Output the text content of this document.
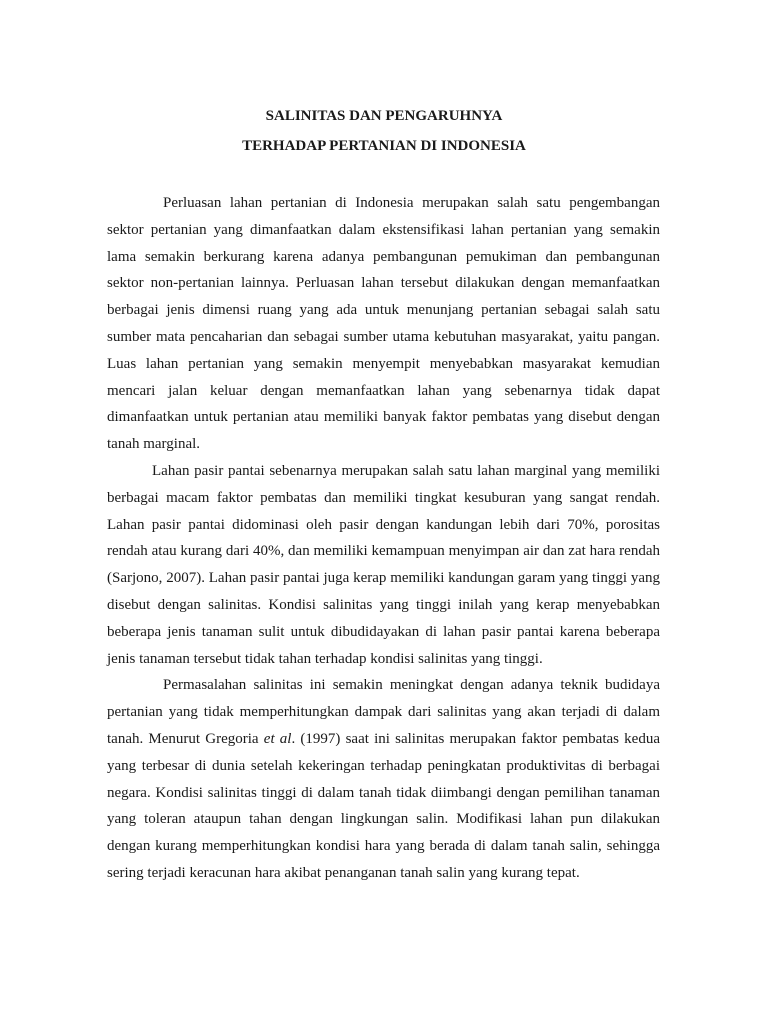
SALINITAS DAN PENGARUHNYA
TERHADAP PERTANIAN DI INDONESIA
Perluasan lahan pertanian di Indonesia merupakan salah satu pengembangan
sektor pertanian yang dimanfaatkan dalam ekstensifikasi lahan pertanian yang semakin
lama semakin berkurang karena adanya pembangunan pemukiman dan pembangunan
sektor non-pertanian lainnya. Perluasan lahan tersebut dilakukan dengan memanfaatkan
berbagai jenis dimensi ruang yang ada untuk menunjang pertanian sebagai salah satu
sumber mata pencaharian dan sebagai sumber utama kebutuhan masyarakat, yaitu pangan.
Luas lahan pertanian yang semakin menyempit menyebabkan masyarakat kemudian
mencari jalan keluar dengan memanfaatkan lahan yang sebenarnya tidak dapat
dimanfaatkan untuk pertanian atau memiliki banyak faktor pembatas yang disebut dengan
tanah marginal.
Lahan pasir pantai sebenarnya merupakan salah satu lahan marginal yang memiliki
berbagai macam faktor pembatas dan memiliki tingkat kesuburan yang sangat rendah.
Lahan pasir pantai didominasi oleh pasir dengan kandungan lebih dari 70%, porositas
rendah atau kurang dari 40%, dan memiliki kemampuan menyimpan air dan zat hara rendah
(Sarjono, 2007). Lahan pasir pantai juga kerap memiliki kandungan garam yang tinggi yang
disebut dengan salinitas. Kondisi salinitas yang tinggi inilah yang kerap menyebabkan
beberapa jenis tanaman sulit untuk dibudidayakan di lahan pasir pantai karena beberapa
jenis tanaman tersebut tidak tahan terhadap kondisi salinitas yang tinggi.
Permasalahan salinitas ini semakin meningkat dengan adanya teknik budidaya
pertanian yang tidak memperhitungkan dampak dari salinitas yang akan terjadi di dalam
tanah. Menurut Gregoria et al. (1997) saat ini salinitas merupakan faktor pembatas kedua
yang terbesar di dunia setelah kekeringan terhadap peningkatan produktivitas di berbagai
negara. Kondisi salinitas tinggi di dalam tanah tidak diimbangi dengan pemilihan tanaman
yang toleran ataupun tahan dengan lingkungan salin. Modifikasi lahan pun dilakukan
dengan kurang memperhitungkan kondisi hara yang berada di dalam tanah salin, sehingga
sering terjadi keracunan hara akibat penanganan tanah salin yang kurang tepat.
